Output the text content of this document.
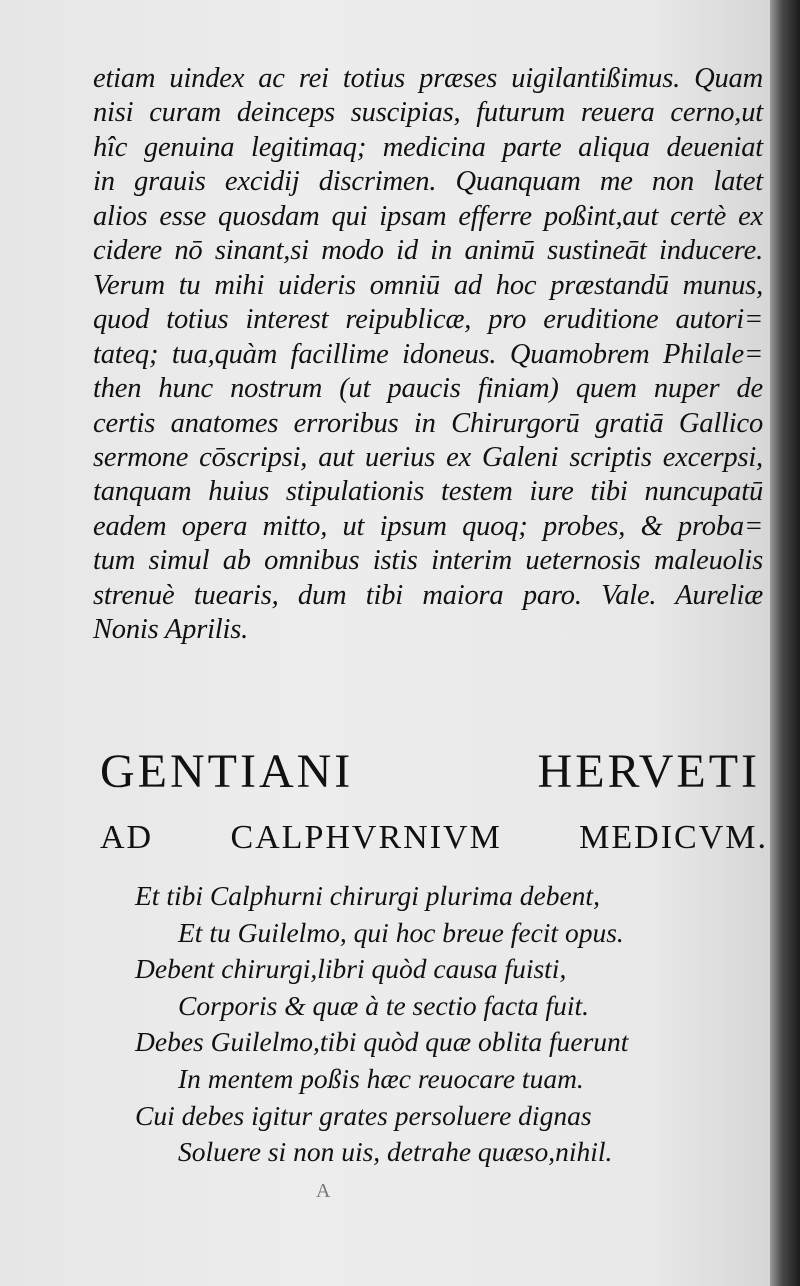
etiam uindex ac rei totius præses uigilantißimus. Quam
nisi curam deinceps suscipias, futurum reuera cerno,ut
hîc genuina legitimaq; medicina parte aliqua deueniat
in grauis excidij discrimen. Quanquam me non latet
alios esse quosdam qui ipsam efferre poßint,aut certè ex
cidere nō sinant,si modo id in animū sustineāt inducere.
Verum tu mihi uideris omniū ad hoc præstandū munus,
quod totius interest reipublicæ, pro eruditione autori=
tateq; tua,quàm facillime idoneus. Quamobrem Philale=
then hunc nostrum (ut paucis finiam) quem nuper de
certis anatomes erroribus in Chirurgorū gratiā Gallico
sermone cōscripsi, aut uerius ex Galeni scriptis excerpsi,
tanquam huius stipulationis testem iure tibi nuncupatū
eadem opera mitto, ut ipsum quoq; probes, & proba=
tum simul ab omnibus istis interim ueternosis maleuolis
strenuè tuearis, dum tibi maiora paro. Vale. Aureliæ
Nonis Aprilis.
GENTIANI HERVETI
AD CALPHVRNIVM MEDICVM.
Et tibi Calphurni chirurgi plurima debent,
Et tu Guilelmo, qui hoc breue fecit opus.
Debent chirurgi,libri quòd causa fuisti,
Corporis & quæ à te sectio facta fuit.
Debes Guilelmo,tibi quòd quæ oblita fuerunt
In mentem poßis hæc reuocare tuam.
Cui debes igitur grates persoluere dignas
Soluere si non uis, detrahe quæso,nihil.
A
